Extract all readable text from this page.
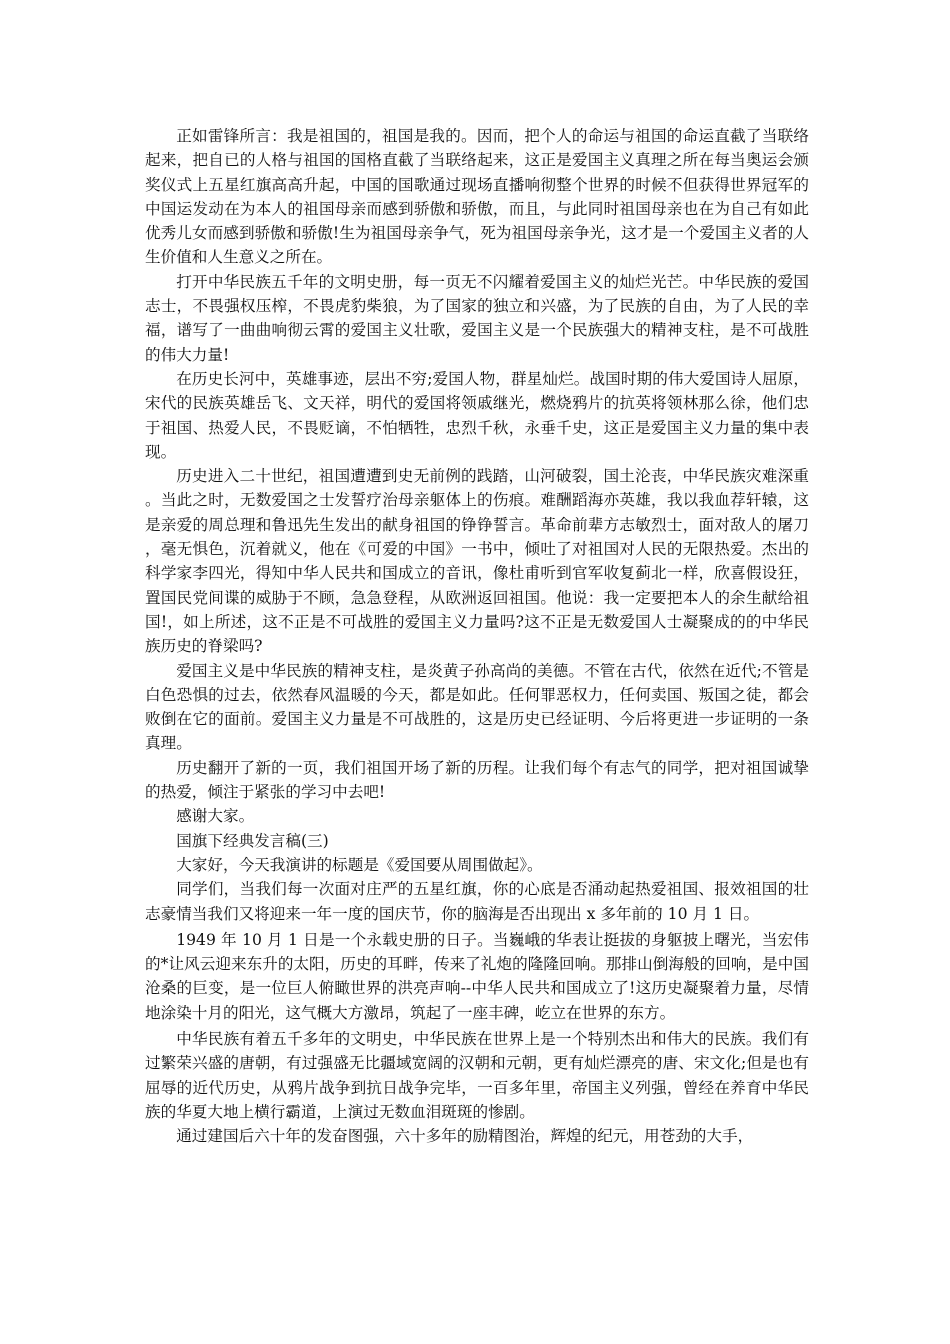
正如雷锋所言：我是祖国的，祖国是我的。因而，把个人的命运与祖国的命运直截了当联络起来，把自已的人格与祖国的国格直截了当联络起来，这正是爱国主义真理之所在每当奥运会颁奖仪式上五星红旗高高升起，中国的国歌通过现场直播响彻整个世界的时候不但获得世界冠军的中国运发动在为本人的祖国母亲而感到骄傲和骄傲，而且，与此同时祖国母亲也在为自己有如此优秀儿女而感到骄傲和骄傲!生为祖国母亲争气，死为祖国母亲争光，这才是一个爱国主义者的人生价值和人生意义之所在。

打开中华民族五千年的文明史册，每一页无不闪耀着爱国主义的灿烂光芒。中华民族的爱国志士，不畏强权压榨，不畏虎豹柴狼，为了国家的独立和兴盛，为了民族的自由，为了人民的幸福，谱写了一曲曲响彻云霄的爱国主义壮歌，爱国主义是一个民族强大的精神支柱，是不可战胜的伟大力量!

在历史长河中，英雄事迹，层出不穷;爱国人物，群星灿烂。战国时期的伟大爱国诗人屈原，宋代的民族英雄岳飞、文天祥，明代的爱国将领戚继光，燃烧鸦片的抗英将领林那么徐，他们忠于祖国、热爱人民，不畏贬谪，不怕牺牲，忠烈千秋，永垂千史，这正是爱国主义力量的集中表现。

历史进入二十世纪，祖国遭遭到史无前例的践踏，山河破裂，国土沦丧，中华民族灾难深重。当此之时，无数爱国之士发誓疗治母亲躯体上的伤痕。难酬蹈海亦英雄，我以我血荐轩辕，这是亲爱的周总理和鲁迅先生发出的献身祖国的铮铮誓言。革命前辈方志敏烈士，面对敌人的屠刀，毫无惧色，沉着就义，他在《可爱的中国》一书中，倾吐了对祖国对人民的无限热爱。杰出的科学家李四光，得知中华人民共和国成立的音讯，像杜甫听到官军收复蓟北一样，欣喜假设狂，置国民党间谍的威胁于不顾，急急登程，从欧洲返回祖国。他说：我一定要把本人的余生献给祖国!，如上所述，这不正是不可战胜的爱国主义力量吗?这不正是无数爱国人士凝聚成的的中华民族历史的脊梁吗?

爱国主义是中华民族的精神支柱，是炎黄子孙高尚的美德。不管在古代，依然在近代;不管是白色恐惧的过去，依然春风温暖的今天，都是如此。任何罪恶权力，任何卖国、叛国之徒，都会败倒在它的面前。爱国主义力量是不可战胜的，这是历史已经证明、今后将更进一步证明的一条真理。

历史翻开了新的一页，我们祖国开场了新的历程。让我们每个有志气的同学，把对祖国诚挚的热爱，倾注于紧张的学习中去吧!

感谢大家。

国旗下经典发言稿(三)

大家好，今天我演讲的标题是《爱国要从周围做起》。

同学们，当我们每一次面对庄严的五星红旗，你的心底是否涌动起热爱祖国、报效祖国的壮志豪情当我们又将迎来一年一度的国庆节，你的脑海是否出现出 x 多年前的 10 月 1 日。

1949 年 10 月 1 日是一个永载史册的日子。当巍峨的华表让挺拔的身躯披上曙光，当宏伟的*让风云迎来东升的太阳，历史的耳畔，传来了礼炮的隆隆回响。那排山倒海般的回响，是中国沧桑的巨变，是一位巨人俯瞰世界的洪亮声响--中华人民共和国成立了!这历史凝聚着力量，尽情地涂染十月的阳光，这气概大方激昂，筑起了一座丰碑，屹立在世界的东方。

中华民族有着五千多年的文明史，中华民族在世界上是一个特别杰出和伟大的民族。我们有过繁荣兴盛的唐朝，有过强盛无比疆域宽阔的汉朝和元朝，更有灿烂漂亮的唐、宋文化;但是也有屈辱的近代历史，从鸦片战争到抗日战争完毕，一百多年里，帝国主义列强，曾经在养育中华民族的华夏大地上横行霸道，上演过无数血泪斑斑的惨剧。

通过建国后六十年的发奋图强，六十多年的励精图治，辉煌的纪元，用苍劲的大手，
